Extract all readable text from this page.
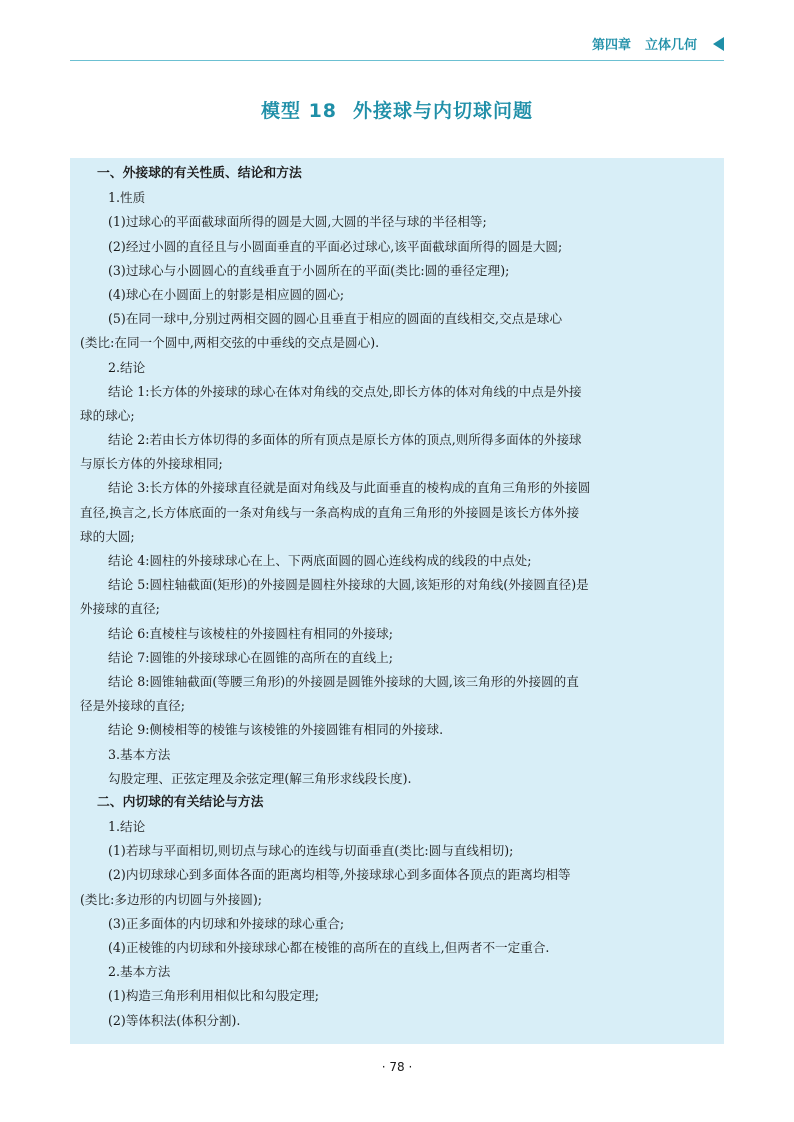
第四章 立体几何
模型 18 外接球与内切球问题
一、外接球的有关性质、结论和方法
1.性质
(1)过球心的平面截球面所得的圆是大圆,大圆的半径与球的半径相等;
(2)经过小圆的直径且与小圆面垂直的平面必过球心,该平面截球面所得的圆是大圆;
(3)过球心与小圆圆心的直线垂直于小圆所在的平面(类比:圆的垂径定理);
(4)球心在小圆面上的射影是相应圆的圆心;
(5)在同一球中,分别过两相交圆的圆心且垂直于相应的圆面的直线相交,交点是球心
(类比:在同一个圆中,两相交弦的中垂线的交点是圆心).
2.结论
结论 1:长方体的外接球的球心在体对角线的交点处,即长方体的体对角线的中点是外接
球的球心;
结论 2:若由长方体切得的多面体的所有顶点是原长方体的顶点,则所得多面体的外接球
与原长方体的外接球相同;
结论 3:长方体的外接球直径就是面对角线及与此面垂直的棱构成的直角三角形的外接圆
直径,换言之,长方体底面的一条对角线与一条高构成的直角三角形的外接圆是该长方体外接
球的大圆;
结论 4:圆柱的外接球球心在上、下两底面圆的圆心连线构成的线段的中点处;
结论 5:圆柱轴截面(矩形)的外接圆是圆柱外接球的大圆,该矩形的对角线(外接圆直径)是
外接球的直径;
结论 6:直棱柱与该棱柱的外接圆柱有相同的外接球;
结论 7:圆锥的外接球球心在圆锥的高所在的直线上;
结论 8:圆锥轴截面(等腰三角形)的外接圆是圆锥外接球的大圆,该三角形的外接圆的直
径是外接球的直径;
结论 9:侧棱相等的棱锥与该棱锥的外接圆锥有相同的外接球.
3.基本方法
勾股定理、正弦定理及余弦定理(解三角形求线段长度).
二、内切球的有关结论与方法
1.结论
(1)若球与平面相切,则切点与球心的连线与切面垂直(类比:圆与直线相切);
(2)内切球球心到多面体各面的距离均相等,外接球球心到多面体各顶点的距离均相等
(类比:多边形的内切圆与外接圆);
(3)正多面体的内切球和外接球的球心重合;
(4)正棱锥的内切球和外接球球心都在棱锥的高所在的直线上,但两者不一定重合.
2.基本方法
(1)构造三角形利用相似比和勾股定理;
(2)等体积法(体积分割).
· 78 ·
